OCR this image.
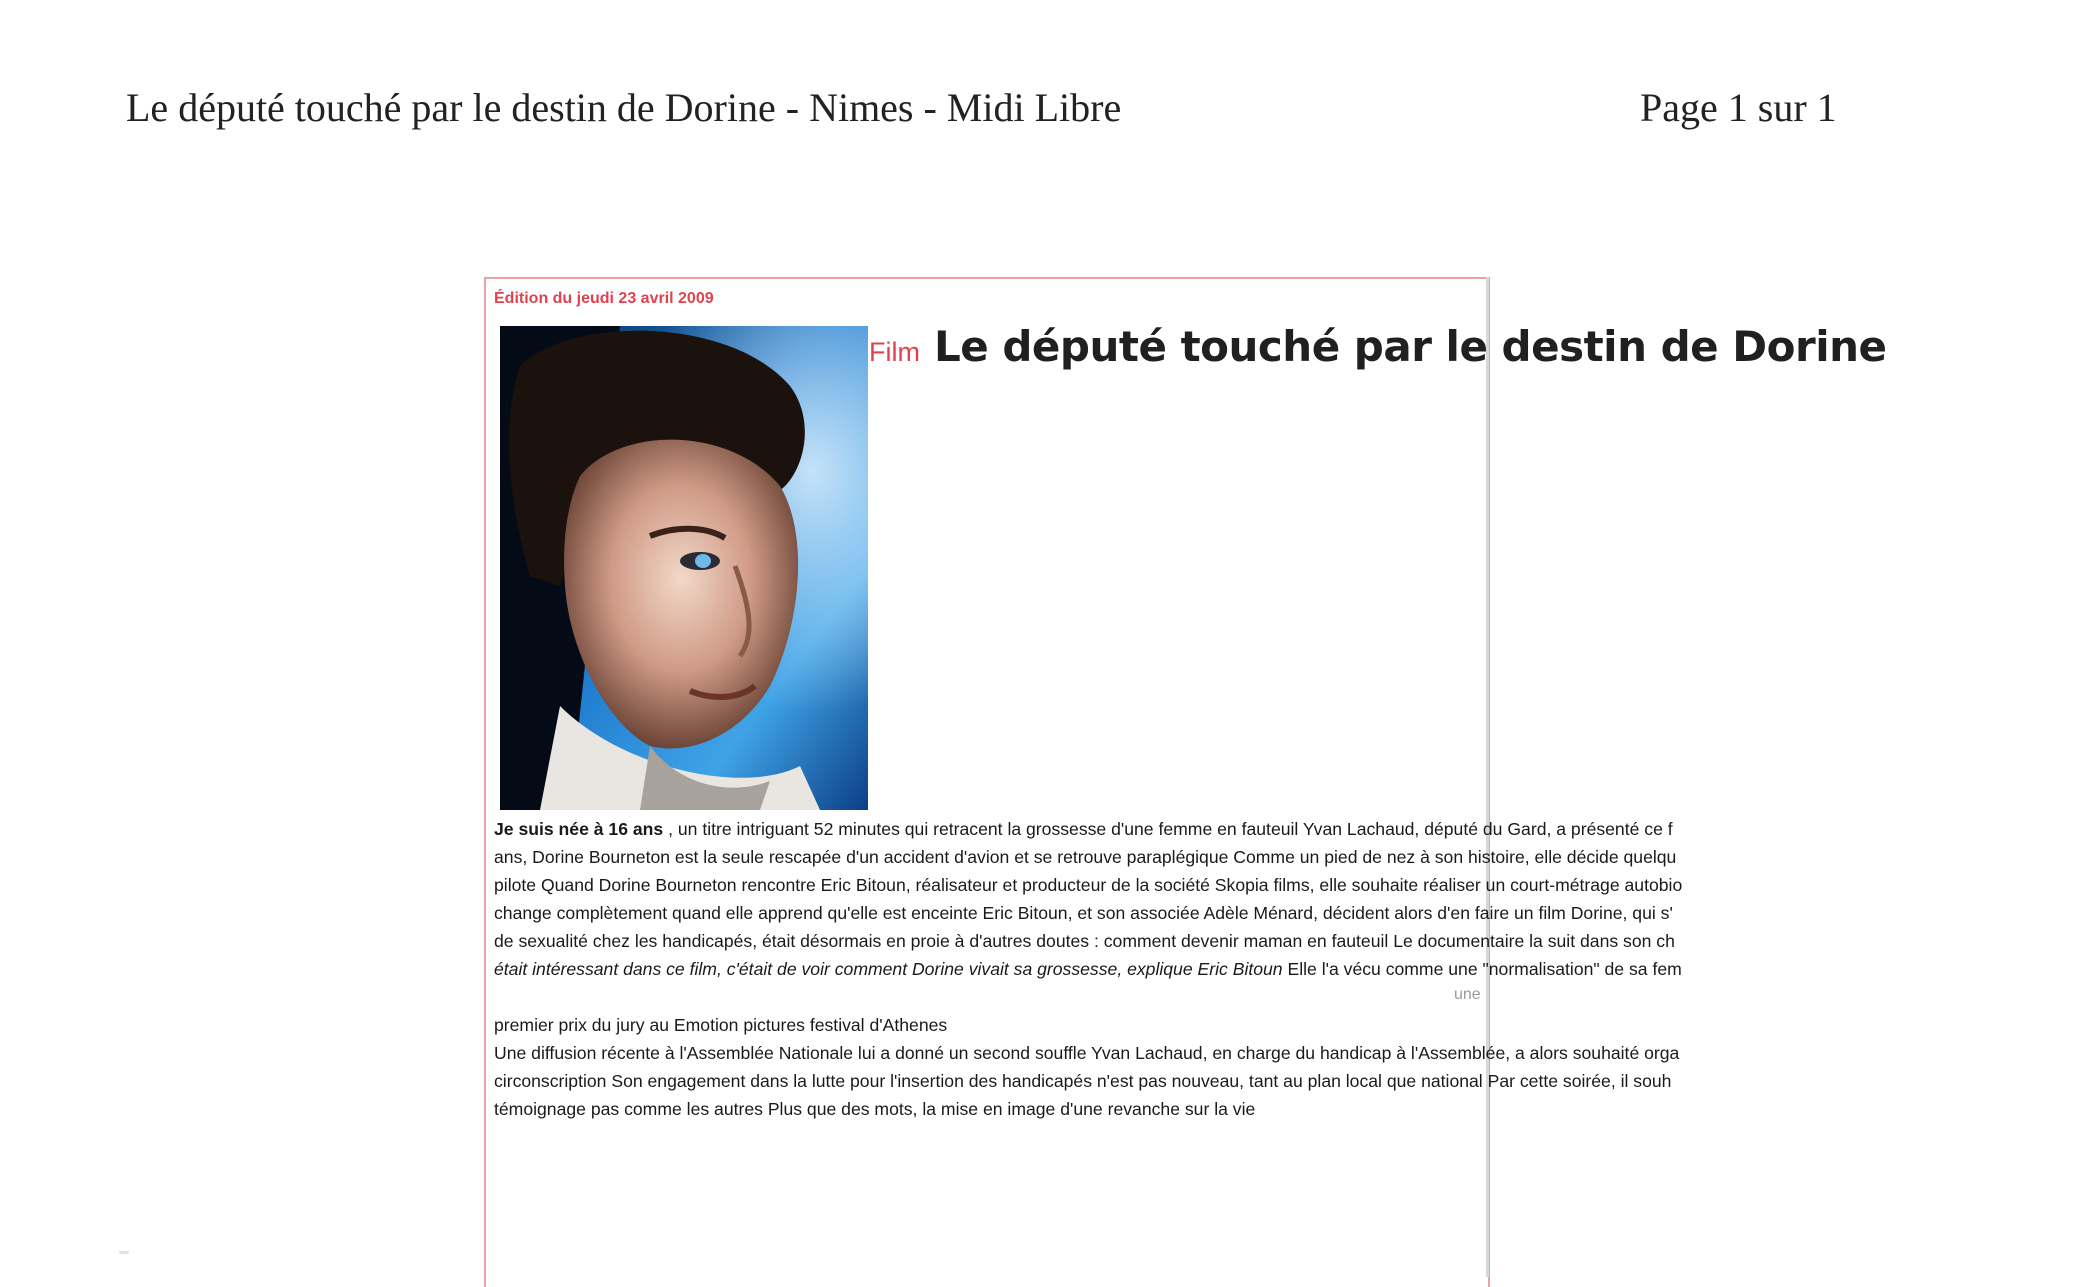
Le député touché par le destin de Dorine - Nimes - Midi Libre	Page 1 sur 1
Édition du jeudi 23 avril 2009
Film Le député touché par le destin de Dorine
Je suis née à 16 ans , un titre intriguant 52 minutes qui retracent la grossesse d'une femme en fauteuil Yvan Lachaud, député du Gard, a présenté ce f
ans, Dorine Bourneton est la seule rescapée d'un accident d'avion et se retrouve paraplégique Comme un pied de nez à son histoire, elle décide quelqu
pilote Quand Dorine Bourneton rencontre Eric Bitoun, réalisateur et producteur de la société Skopia films, elle souhaite réaliser un court-métrage autobio
change complètement quand elle apprend qu'elle est enceinte Eric Bitoun, et son associée Adèle Ménard, décident alors d'en faire un film Dorine, qui s'
de sexualité chez les handicapés, était désormais en proie à d'autres doutes : comment devenir maman en fauteuil Le documentaire la suit dans son ch
était intéressant dans ce film, c'était de voir comment Dorine vivait sa grossesse, explique Eric Bitoun Elle l'a vécu comme une "normalisation" de sa fem
premier prix du jury au Emotion pictures festival d'Athenes
Une diffusion récente à l'Assemblée Nationale lui a donné un second souffle Yvan Lachaud, en charge du handicap à l'Assemblée, a alors souhaité orga
circonscription Son engagement dans la lutte pour l'insertion des handicapés n'est pas nouveau, tant au plan local que national Par cette soirée, il souh
témoignage pas comme les autres Plus que des mots, la mise en image d'une revanche sur la vie
une
